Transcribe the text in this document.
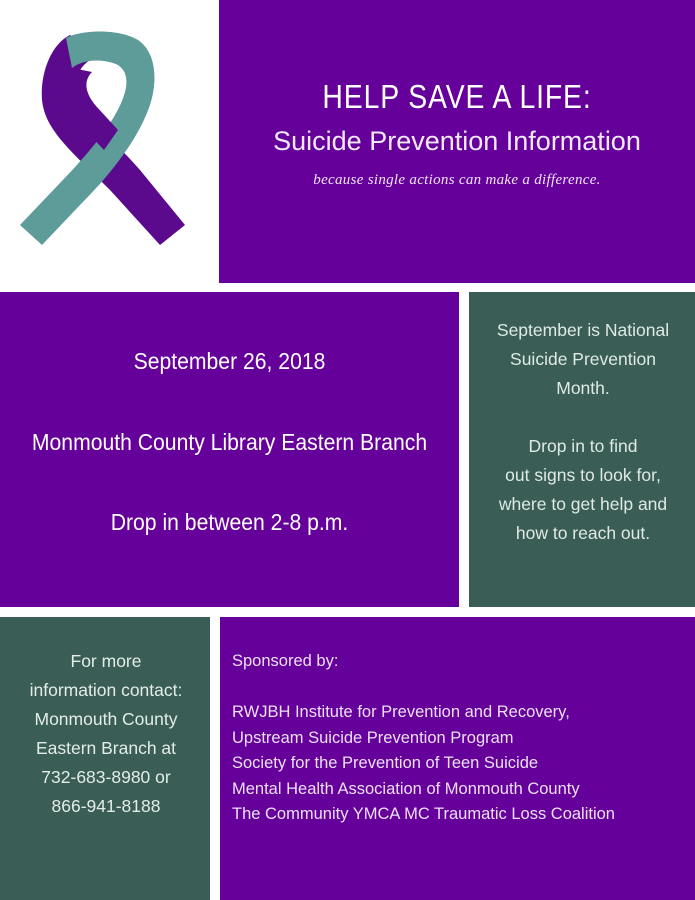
HELP SAVE A LIFE:
Suicide Prevention Information
because single actions can make a difference.
September 26, 2018
Monmouth County Library Eastern Branch
Drop in between 2-8 p.m.

September is National
Suicide Prevention
Month.

Drop in to find
out signs to look for,
where to get help and
how to reach out.

For more
information contact:
Monmouth County
Eastern Branch at
732-683-8980 or
866-941-8188
Sponsored by:
RWJBH Institute for Prevention and Recovery,
Upstream Suicide Prevention Program
Society for the Prevention of Teen Suicide
Mental Health Association of Monmouth County
The Community YMCA MC Traumatic Loss Coalition
